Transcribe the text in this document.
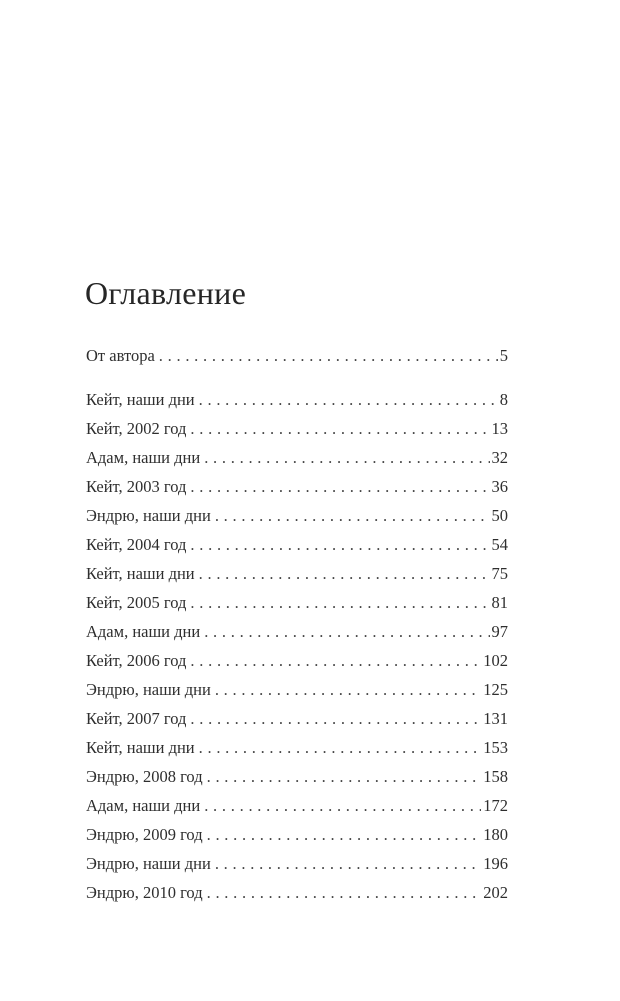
Оглавление
От автора . . .	5
Кейт, наши дни . . .	8
Кейт, 2002 год . . .	13
Адам, наши дни . . .	32
Кейт, 2003 год . . .	36
Эндрю, наши дни . . .	50
Кейт, 2004 год . . .	54
Кейт, наши дни . . .	75
Кейт, 2005 год . . .	81
Адам, наши дни . . .	97
Кейт, 2006 год . . .	102
Эндрю, наши дни . . .	125
Кейт, 2007 год . . .	131
Кейт, наши дни . . .	153
Эндрю, 2008 год . . .	158
Адам, наши дни . . .	172
Эндрю, 2009 год . . .	180
Эндрю, наши дни . . .	196
Эндрю, 2010 год . . .	202
